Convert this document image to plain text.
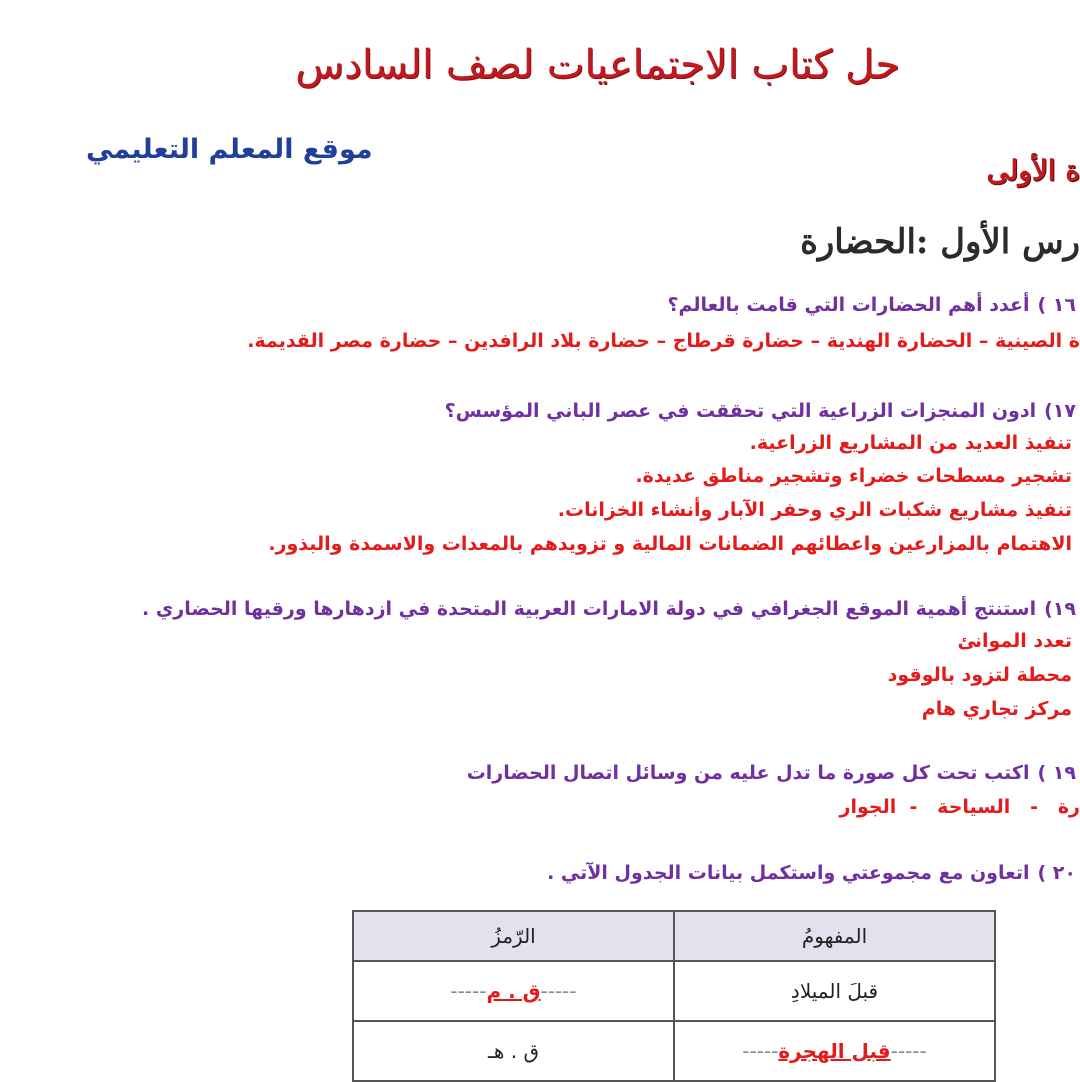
حل كتاب الاجتماعيات لصف السادس
موقع المعلم التعليمي
ة الأولى
رس الأول :الحضارة
١٦ )أعدد أهم الحضارات التي قامت بالعالم؟
ة الصينية – الحضارة الهندية – حضارة قرطاج – حضارة بلاد الرافدين – حضارة مصر القديمة.
١٧)ادون المنجزات الزراعية التي تحققت في عصر الباني المؤسس؟
تنفيذ العديد من المشاريع الزراعية.
تشجير مسطحات خضراء وتشجير مناطق عديدة.
تنفيذ مشاريع شكبات الري وحفر الآبار وأنشاء الخزانات.
الاهتمام بالمزارعين واعطائهم الضمانات المالية و تزويدهم بالمعدات والاسمدة والبذور.
١٩)استنتج أهمية الموقع الجغرافي في دولة الامارات العربية المتحدة في ازدهارها ورقيها الحضاري .
تعدد الموانئ
محطة لتزود بالوقود
مركز تجاري هام
١٩ )اكتب تحت كل صورة ما تدل عليه من وسائل اتصال الحضارات
رة   -   السياحة   -  الجوار
٢٠ )اتعاون مع مجموعتي واستكمل بيانات الجدول الآتي .
المفهومُ	الرّمزُ
قبلَ الميلادِ	-----ق . م-----
-----قبل الهجرة-----	ق . هـ
